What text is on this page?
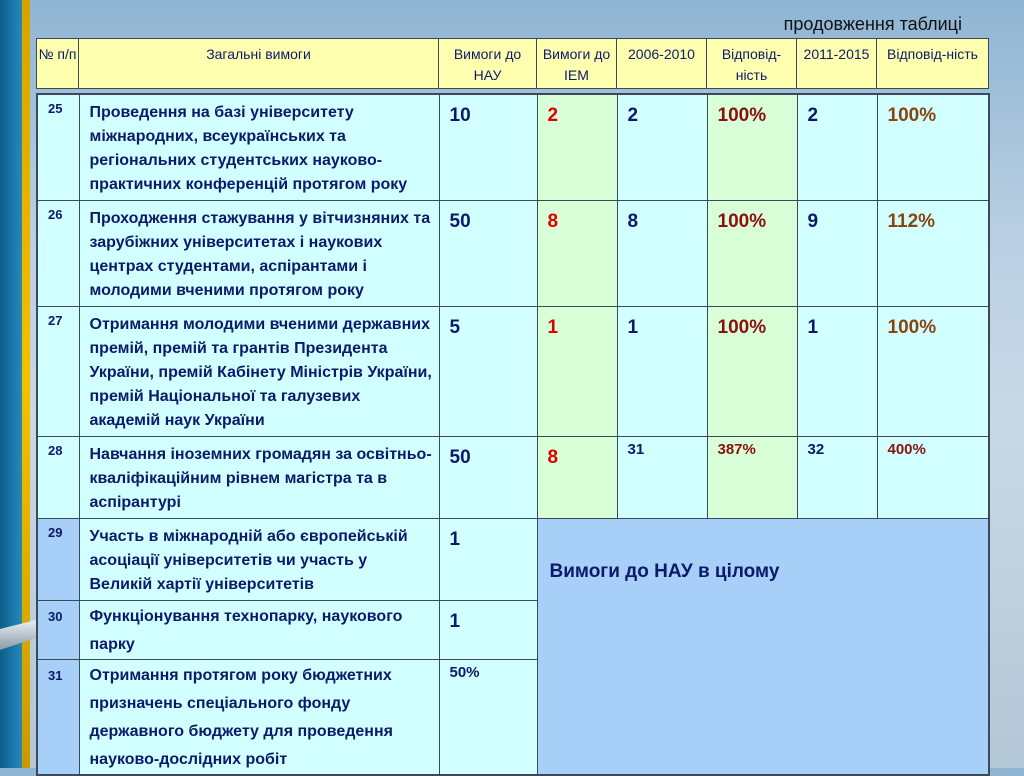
продовження таблиці
№ п/п	Загальні вимоги	Вимоги до НАУ	Вимоги до ІЕМ	2006-2010	Відповід-ність	2011-2015	Відповід-ність
25	Проведення на базі університету міжнародних, всеукраїнських та регіональних студентських науково-практичних конференцій протягом року	10	2	2	100%	2	100%
26	Проходження стажування у вітчизняних та зарубіжних університетах і наукових центрах студентами, аспірантами і молодими вченими протягом року	50	8	8	100%	9	112%
27	Отримання молодими вченими державних премій, премій та грантів Президента України, премій Кабінету Міністрів України, премій Національної та галузевих академій наук України	5	1	1	100%	1	100%
28	Навчання іноземних громадян за освітньо-кваліфікаційним рівнем магістра та в аспірантурі	50	8	31	387%	32	400%
29	Участь в міжнародній або європейській асоціації університетів чи участь у Великій хартії університетів	1	Вимоги до НАУ в цілому				
30	Функціонування технопарку, наукового парку	1					
31	Отримання протягом року бюджетних призначень спеціального фонду державного бюджету для проведення науково-дослідних робіт	50%					
